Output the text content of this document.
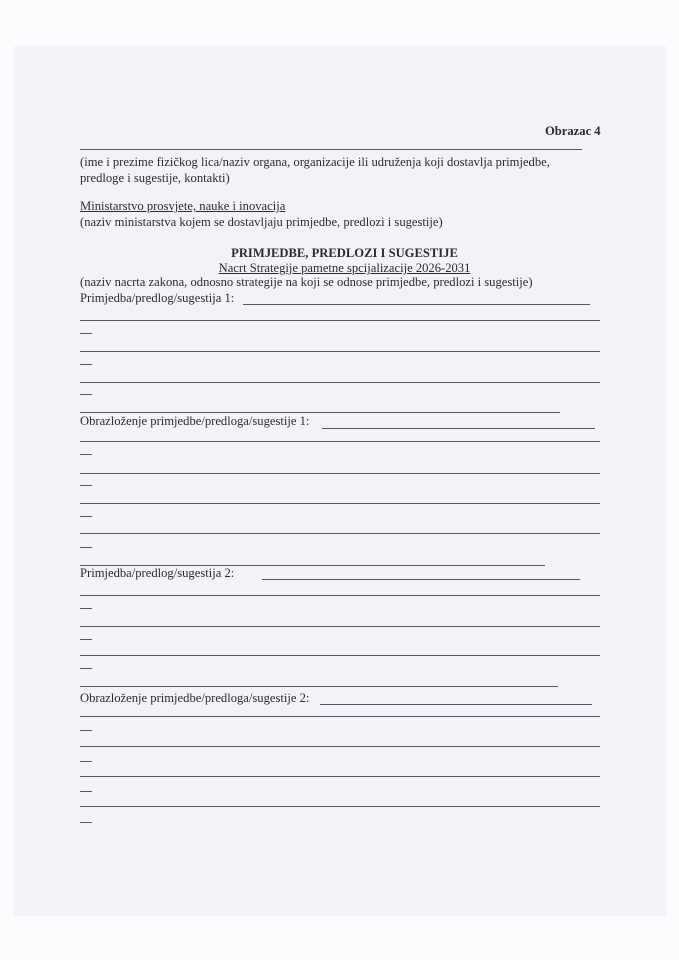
Obrazac 4
(ime i prezime fizičkog lica/naziv organa, organizacije ili udruženja koji dostavlja primjedbe,
predloge i sugestije, kontakti)
Ministarstvo prosvjete, nauke i inovacija
(naziv ministarstva kojem se dostavljaju primjedbe, predlozi i sugestije)
PRIMJEDBE, PREDLOZI I SUGESTIJE
Nacrt Strategije pametne spcijalizacije 2026-2031
(naziv nacrta zakona, odnosno strategije na koji se odnose primjedbe, predlozi i sugestije)
Primjedba/predlog/sugestija 1:
Obrazloženje primjedbe/predloga/sugestije 1:
Primjedba/predlog/sugestija 2:
Obrazloženje primjedbe/predloga/sugestije 2:
